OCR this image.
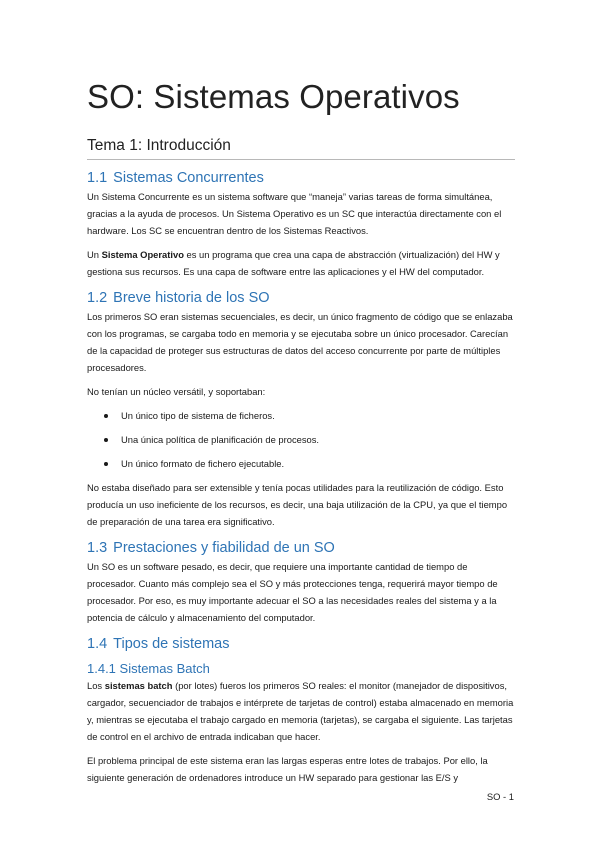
SO: Sistemas Operativos
Tema 1: Introducción
1.1 Sistemas Concurrentes

Un Sistema Concurrente es un sistema software que “maneja” varias tareas de forma simultánea, gracias a la ayuda de procesos. Un Sistema Operativo es un SC que interactúa directamente con el hardware. Los SC se encuentran dentro de los Sistemas Reactivos.

Un Sistema Operativo es un programa que crea una capa de abstracción (virtualización) del HW y gestiona sus recursos. Es una capa de software entre las aplicaciones y el HW del computador.

1.2 Breve historia de los SO

Los primeros SO eran sistemas secuenciales, es decir, un único fragmento de código que se enlazaba con los programas, se cargaba todo en memoria y se ejecutaba sobre un único procesador. Carecían de la capacidad de proteger sus estructuras de datos del acceso concurrente por parte de múltiples procesadores.

No tenían un núcleo versátil, y soportaban:

Un único tipo de sistema de ficheros.
Una única política de planificación de procesos.
Un único formato de fichero ejecutable.

No estaba diseñado para ser extensible y tenía pocas utilidades para la reutilización de código. Esto producía un uso ineficiente de los recursos, es decir, una baja utilización de la CPU, ya que el tiempo de preparación de una tarea era significativo.

1.3 Prestaciones y fiabilidad de un SO

Un SO es un software pesado, es decir, que requiere una importante cantidad de tiempo de procesador. Cuanto más complejo sea el SO y más protecciones tenga, requerirá mayor tiempo de procesador. Por eso, es muy importante adecuar el SO a las necesidades reales del sistema y a la potencia de cálculo y almacenamiento del computador.

1.4 Tipos de sistemas
1.4.1 Sistemas Batch

Los sistemas batch (por lotes) fueros los primeros SO reales: el monitor (manejador de dispositivos, cargador, secuenciador de trabajos e intérprete de tarjetas de control) estaba almacenado en memoria y, mientras se ejecutaba el trabajo cargado en memoria (tarjetas), se cargaba el siguiente. Las tarjetas de control en el archivo de entrada indicaban que hacer.

El problema principal de este sistema eran las largas esperas entre lotes de trabajos. Por ello, la siguiente generación de ordenadores introduce un HW separado para gestionar las E/S y

SO - 1
